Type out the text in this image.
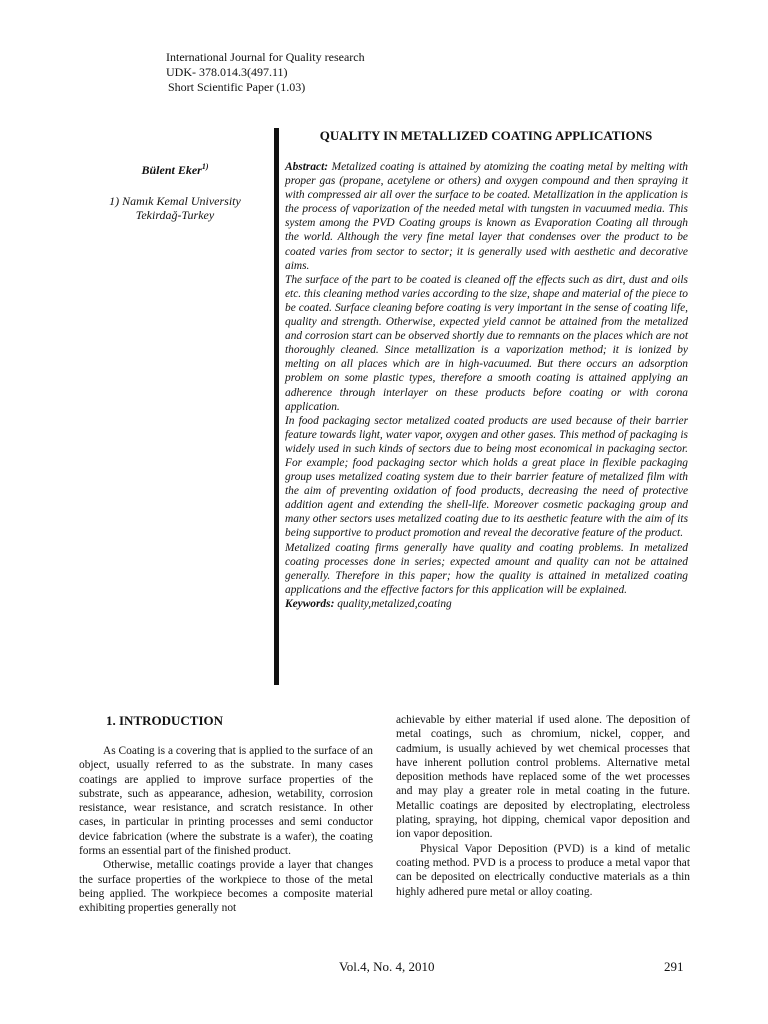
International Journal for Quality research
UDK- 378.014.3(497.11)
Short Scientific Paper (1.03)
QUALITY IN METALLIZED COATING APPLICATIONS
Bülent Eker$^{1)}$
1) Namık Kemal University
Tekirdağ-Turkey

Abstract: Metalized coating is attained by atomizing the coating metal by melting with proper gas (propane, acetylene or others) and oxygen compound and then spraying it with compressed air all over the surface to be coated. Metallization in the application is the process of vaporization of the needed metal with tungsten in vacuumed media. This system among the PVD Coating groups is known as Evaporation Coating all through the world. Although the very fine metal layer that condenses over the product to be coated varies from sector to sector; it is generally used with aesthetic and decorative aims.

The surface of the part to be coated is cleaned off the effects such as dirt, dust and oils etc. this cleaning method varies according to the size, shape and material of the piece to be coated. Surface cleaning before coating is very important in the sense of coating life, quality and strength. Otherwise, expected yield cannot be attained from the metalized and corrosion start can be observed shortly due to remnants on the places which are not thoroughly cleaned. Since metallization is a vaporization method; it is ionized by melting on all places which are in high-vacuumed. But there occurs an adsorption problem on some plastic types, therefore a smooth coating is attained applying an adherence through interlayer on these products before coating or with corona application.

In food packaging sector metalized coated products are used because of their barrier feature towards light, water vapor, oxygen and other gases. This method of packaging is widely used in such kinds of sectors due to being most economical in packaging sector. For example; food packaging sector which holds a great place in flexible packaging group uses metalized coating system due to their barrier feature of metalized film with the aim of preventing oxidation of food products, decreasing the need of protective addition agent and extending the shell-life. Moreover cosmetic packaging group and many other sectors uses metalized coating due to its aesthetic feature with the aim of its being supportive to product promotion and reveal the decorative feature of the product.

Metalized coating firms generally have quality and coating problems. In metalized coating processes done in series; expected amount and quality can not be attained generally. Therefore in this paper; how the quality is attained in metalized coating applications and the effective factors for this application will be explained.

Keywords: quality,metalized,coating

1. INTRODUCTION

As Coating is a covering that is applied to the surface of an object, usually referred to as the substrate. In many cases coatings are applied to improve surface properties of the substrate, such as appearance, adhesion, wetability, corrosion resistance, wear resistance, and scratch resistance. In other cases, in particular in printing processes and semi conductor device fabrication (where the substrate is a wafer), the coating forms an essential part of the finished product.

Otherwise, metallic coatings provide a layer that changes the surface properties of the workpiece to those of the metal being applied. The workpiece becomes a composite material exhibiting properties generally not

achievable by either material if used alone. The deposition of metal coatings, such as chromium, nickel, copper, and cadmium, is usually achieved by wet chemical processes that have inherent pollution control problems. Alternative metal deposition methods have replaced some of the wet processes and may play a greater role in metal coating in the future. Metallic coatings are deposited by electroplating, electroless plating, spraying, hot dipping, chemical vapor deposition and ion vapor deposition.

Physical Vapor Deposition (PVD) is a kind of metalic coating method. PVD is a process to produce a metal vapor that can be deposited on electrically conductive materials as a thin highly adhered pure metal or alloy coating.

Vol.4, No. 4, 2010	291
